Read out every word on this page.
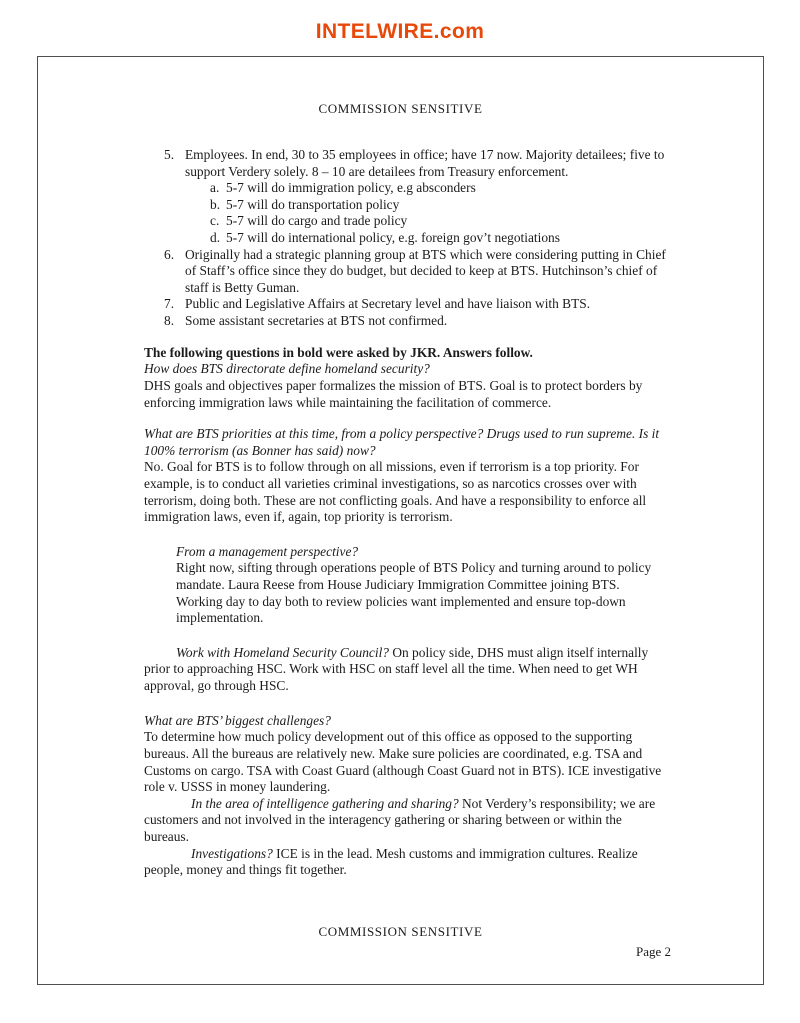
INTELWIRE.com
COMMISSION SENSITIVE
5. Employees. In end, 30 to 35 employees in office; have 17 now. Majority detailees; five to support Verdery solely. 8 – 10 are detailees from Treasury enforcement.
a. 5-7 will do immigration policy, e.g absconders
b. 5-7 will do transportation policy
c. 5-7 will do cargo and trade policy
d. 5-7 will do international policy, e.g. foreign gov’t negotiations
6. Originally had a strategic planning group at BTS which were considering putting in Chief of Staff’s office since they do budget, but decided to keep at BTS. Hutchinson’s chief of staff is Betty Guman.
7. Public and Legislative Affairs at Secretary level and have liaison with BTS.
8. Some assistant secretaries at BTS not confirmed.

The following questions in bold were asked by JKR. Answers follow.

How does BTS directorate define homeland security?

DHS goals and objectives paper formalizes the mission of BTS. Goal is to protect borders by enforcing immigration laws while maintaining the facilitation of commerce.

What are BTS priorities at this time, from a policy perspective? Drugs used to run supreme. Is it 100% terrorism (as Bonner has said) now?

No. Goal for BTS is to follow through on all missions, even if terrorism is a top priority. For example, is to conduct all varieties criminal investigations, so as narcotics crosses over with terrorism, doing both. These are not conflicting goals. And have a responsibility to enforce all immigration laws, even if, again, top priority is terrorism.

From a management perspective?

Right now, sifting through operations people of BTS Policy and turning around to policy mandate. Laura Reese from House Judiciary Immigration Committee joining BTS. Working day to day both to review policies want implemented and ensure top-down implementation.

Work with Homeland Security Council? On policy side, DHS must align itself internally prior to approaching HSC. Work with HSC on staff level all the time. When need to get WH approval, go through HSC.

What are BTS’ biggest challenges?

To determine how much policy development out of this office as opposed to the supporting bureaus. All the bureaus are relatively new. Make sure policies are coordinated, e.g. TSA and Customs on cargo. TSA with Coast Guard (although Coast Guard not in BTS). ICE investigative role v. USSS in money laundering.

In the area of intelligence gathering and sharing? Not Verdery’s responsibility; we are customers and not involved in the interagency gathering or sharing between or within the bureaus.

Investigations? ICE is in the lead. Mesh customs and immigration cultures. Realize people, money and things fit together.

COMMISSION SENSITIVE
Page 2
